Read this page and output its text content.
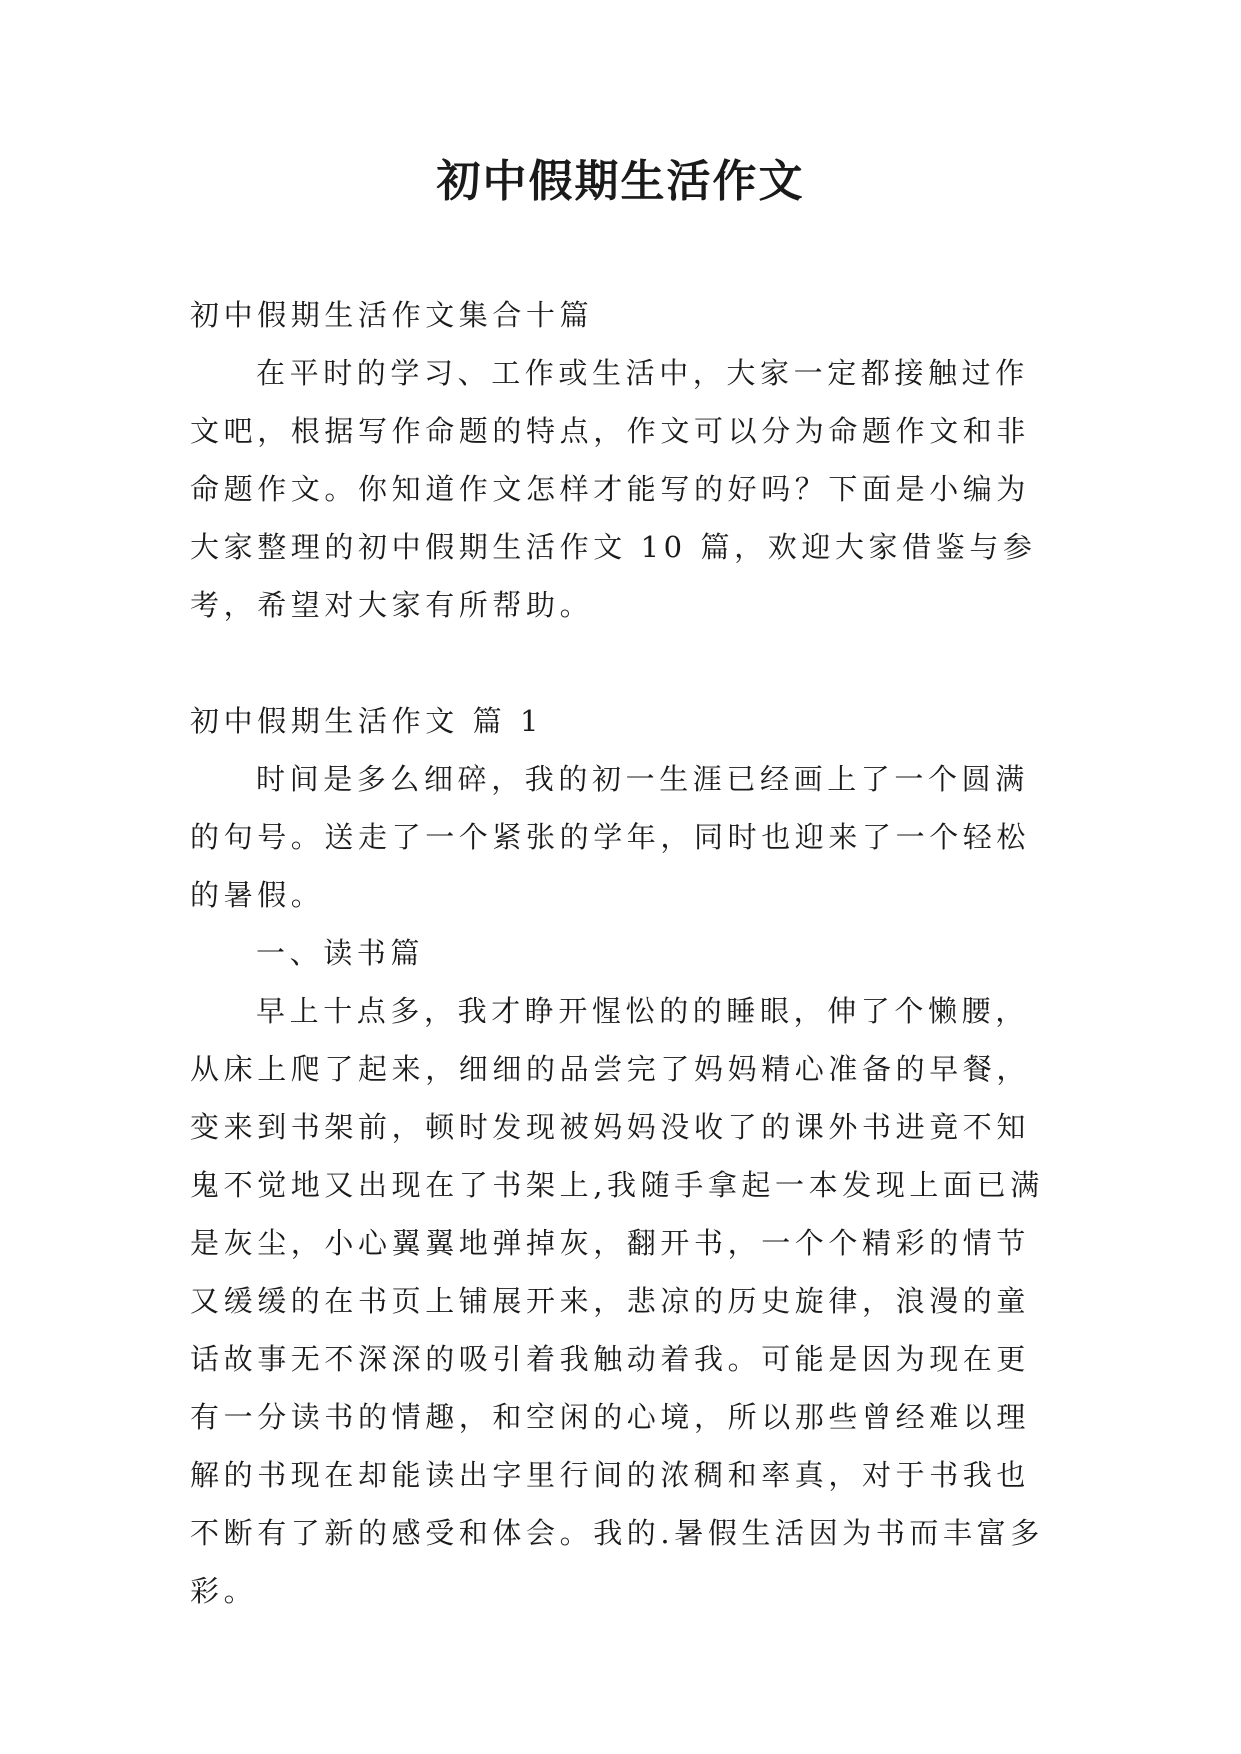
初中假期生活作文

初中假期生活作文集合十篇

在平时的学习、工作或生活中，大家一定都接触过作文吧，根据写作命题的特点，作文可以分为命题作文和非命题作文。你知道作文怎样才能写的好吗？下面是小编为大家整理的初中假期生活作文 10 篇，欢迎大家借鉴与参考，希望对大家有所帮助。

初中假期生活作文 篇 1

时间是多么细碎，我的初一生涯已经画上了一个圆满的句号。送走了一个紧张的学年，同时也迎来了一个轻松的暑假。

一、读书篇

早上十点多，我才睁开惺忪的的睡眼，伸了个懒腰，从床上爬了起来，细细的品尝完了妈妈精心准备的早餐，变来到书架前，顿时发现被妈妈没收了的课外书进竟不知鬼不觉地又出现在了书架上,我随手拿起一本发现上面已满是灰尘，小心翼翼地弹掉灰，翻开书，一个个精彩的情节又缓缓的在书页上铺展开来，悲凉的历史旋律，浪漫的童话故事无不深深的吸引着我触动着我。可能是因为现在更有一分读书的情趣，和空闲的心境，所以那些曾经难以理解的书现在却能读出字里行间的浓稠和率真，对于书我也不断有了新的感受和体会。我的.暑假生活因为书而丰富多彩。
